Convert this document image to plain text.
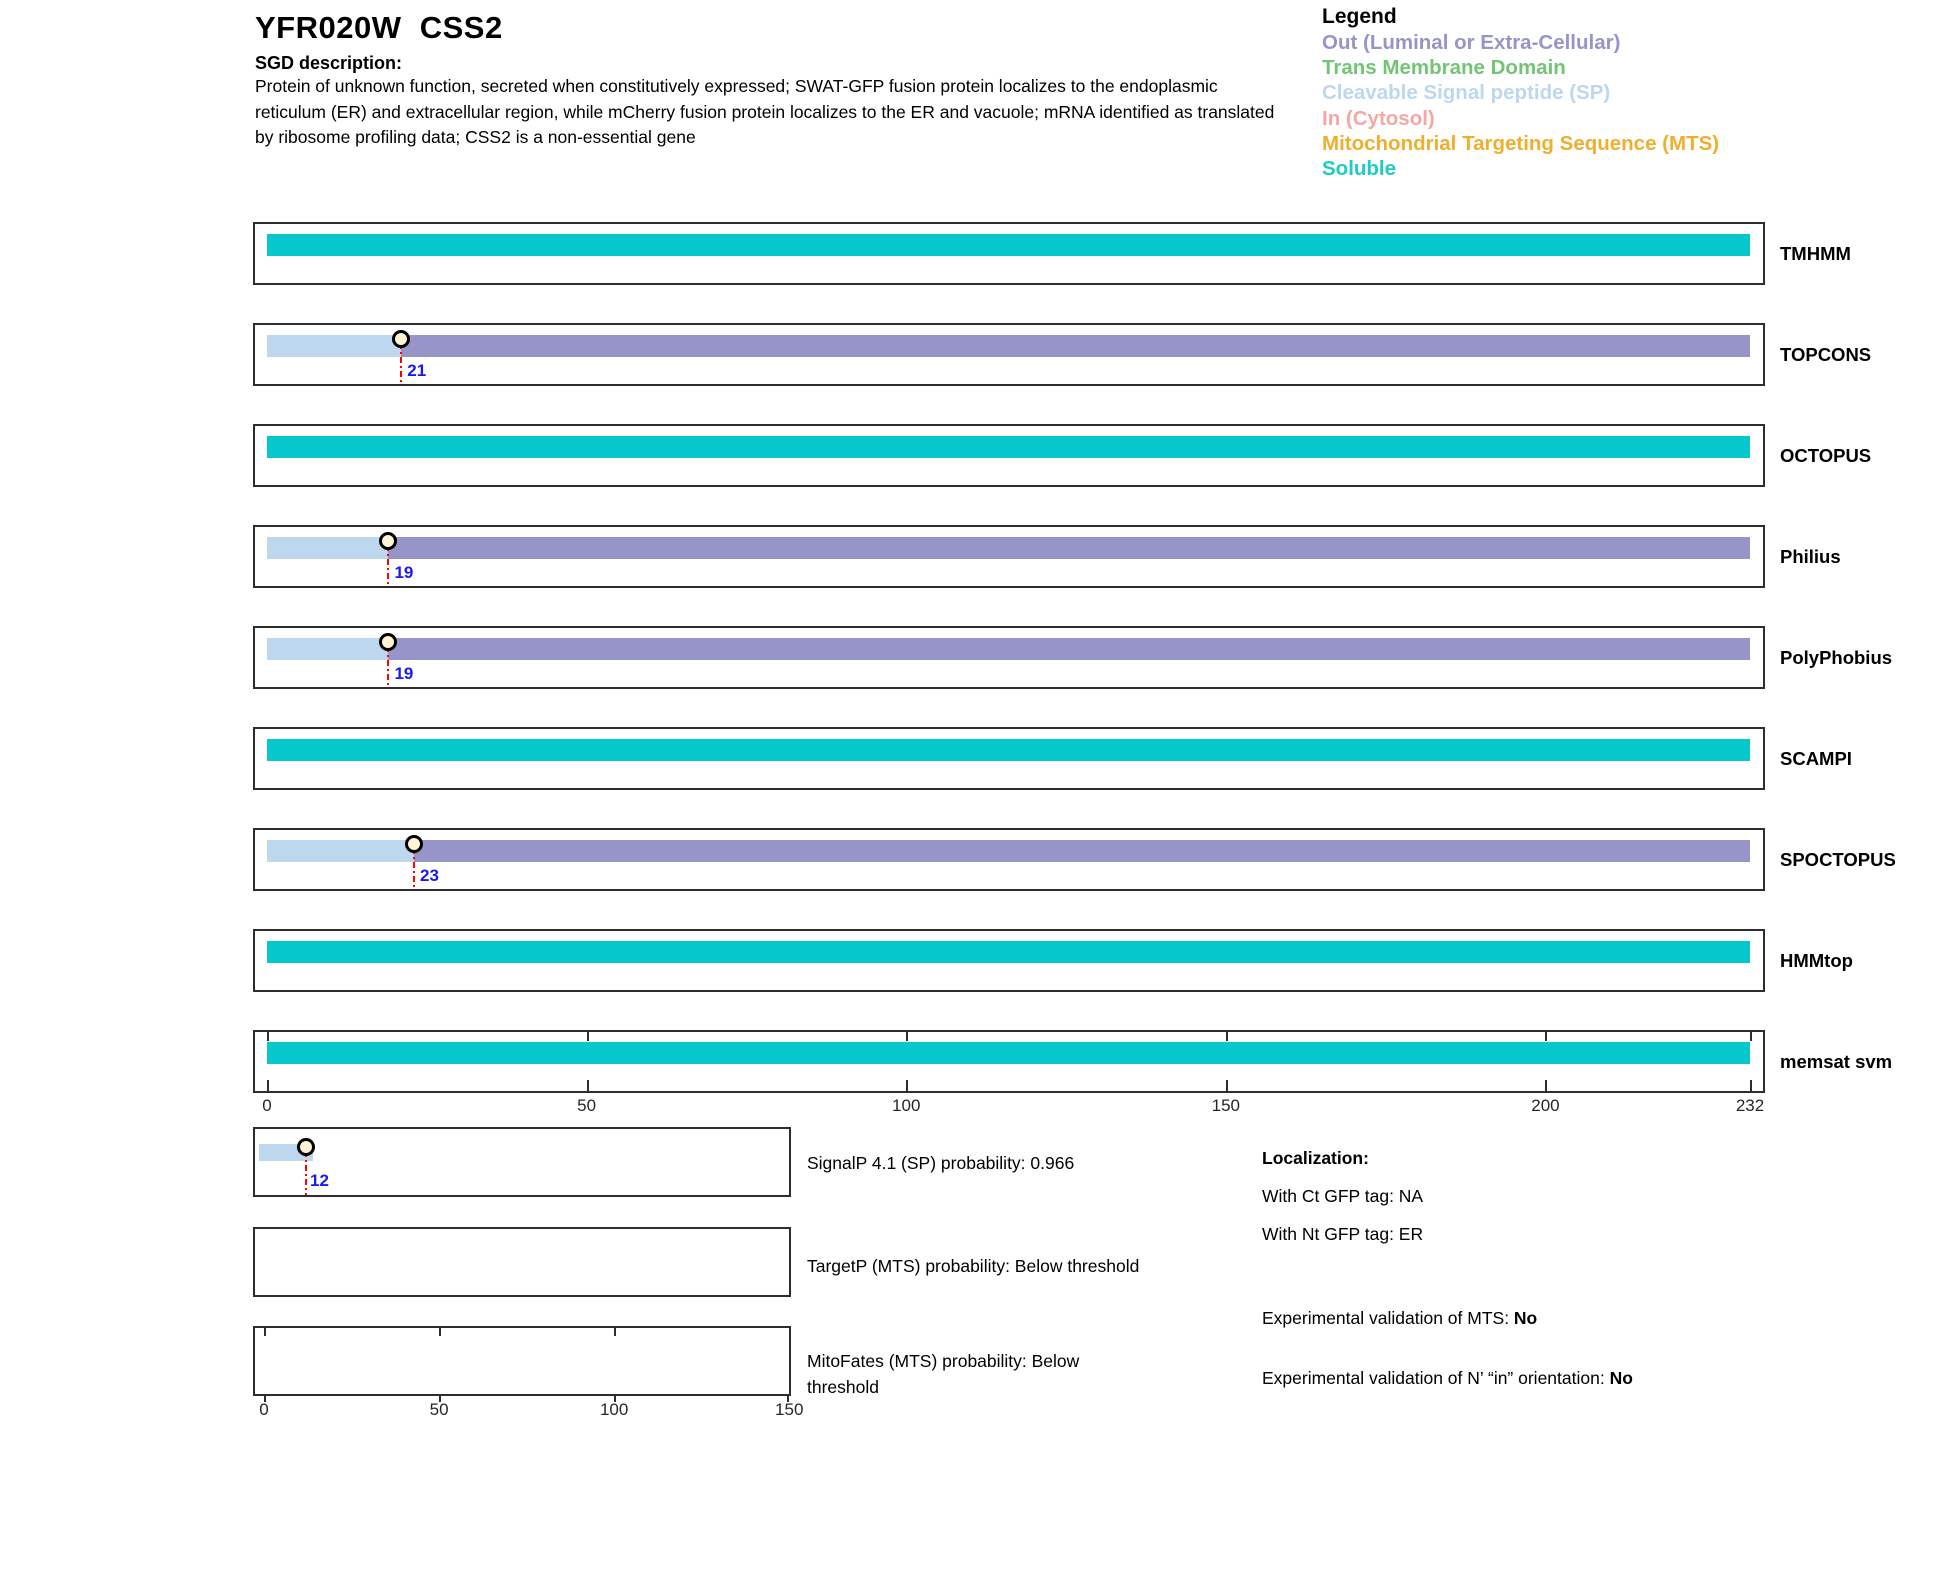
YFR020W  CSS2
SGD description:
Protein of unknown function, secreted when constitutively expressed; SWAT-GFP fusion protein localizes to the endoplasmic reticulum (ER) and extracellular region, while mCherry fusion protein localizes to the ER and vacuole; mRNA identified as translated by ribosome profiling data; CSS2 is a non-essential gene
Legend
Out (Luminal or Extra-Cellular)
Trans Membrane Domain
Cleavable Signal peptide (SP)
In (Cytosol)
Mitochondrial Targeting Sequence (MTS)
Soluble
TMHMM
21
TOPCONS
OCTOPUS
19
Philius
19
PolyPhobius
SCAMPI
23
SPOCTOPUS
HMMtop
memsat svm
0	50	100	150	200	232
12
SignalP 4.1 (SP) probability: 0.966
TargetP (MTS) probability: Below threshold
MitoFates (MTS) probability: Below threshold
0	50	100	150
Localization:
With Ct GFP tag: NA
With Nt GFP tag: ER
Experimental validation of MTS: No
Experimental validation of N’ “in” orientation: No
